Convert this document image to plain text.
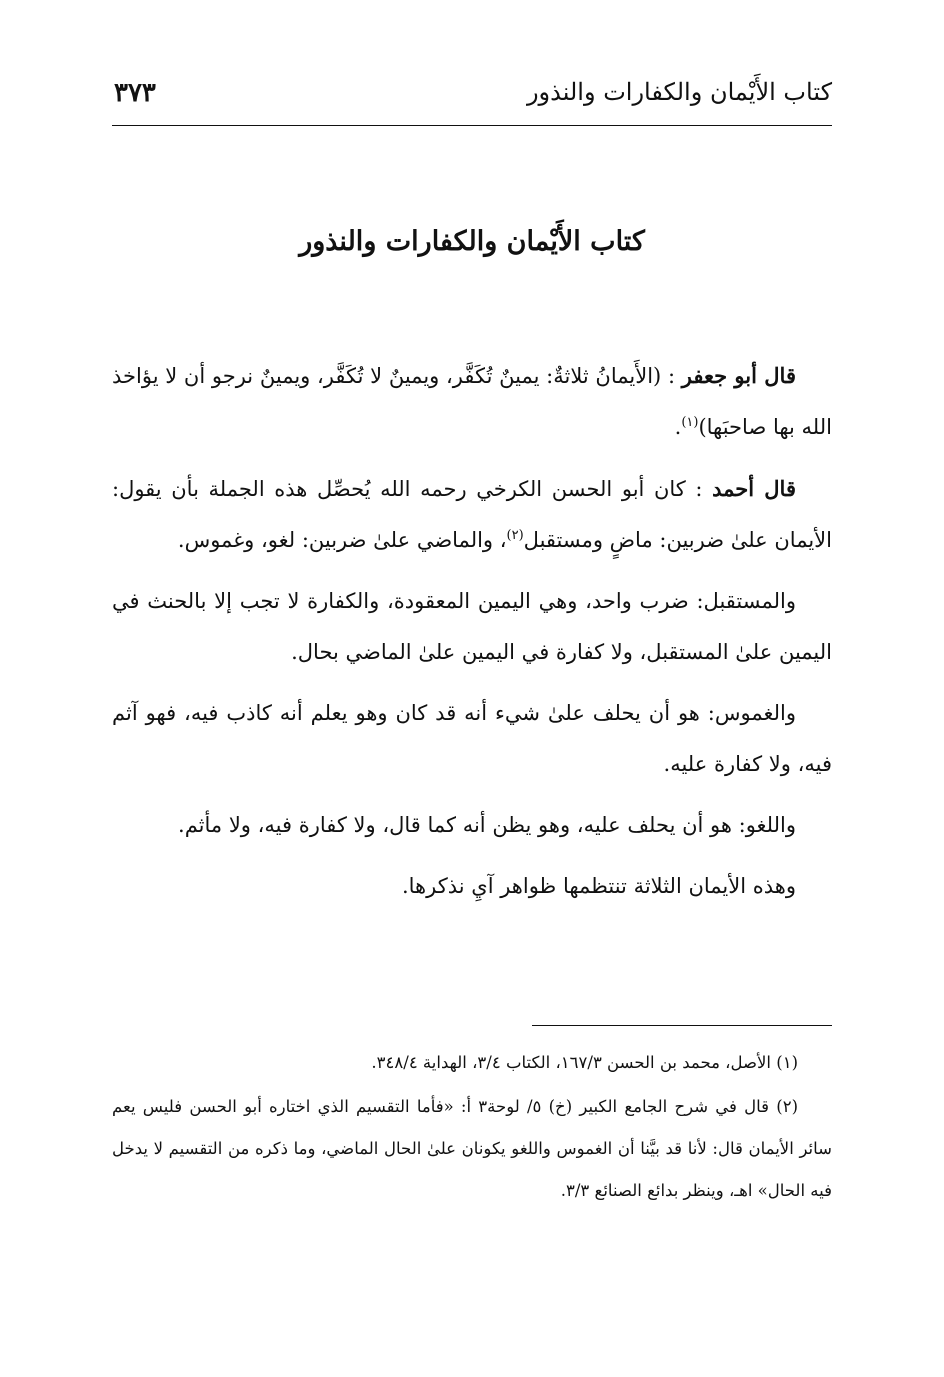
كتاب الأَيْمان والكفارات والنذور
٣٧٣
كتاب الأَيْمان والكفارات والنذور

قال أبو جعفر : (الأَيمانُ ثلاثةٌ: يمينٌ تُكَفَّر، ويمينٌ لا تُكَفَّر، ويمينٌ نرجو أن لا يؤاخذ الله بها صاحبَها)$^{(١)}$.

قال أحمد : كان أبو الحسن الكرخي رحمه الله يُحصِّل هذه الجملة بأن يقول: الأيمان علىٰ ضربين: ماضٍ ومستقبل$^{(٢)}$، والماضي علىٰ ضربين: لغو، وغموس.

والمستقبل: ضرب واحد، وهي اليمين المعقودة، والكفارة لا تجب إلا بالحنث في اليمين علىٰ المستقبل، ولا كفارة في اليمين علىٰ الماضي بحال.

والغموس: هو أن يحلف علىٰ شيء أنه قد كان وهو يعلم أنه كاذب فيه، فهو آثم فيه، ولا كفارة عليه.

واللغو: هو أن يحلف عليه، وهو يظن أنه كما قال، ولا كفارة فيه، ولا مأثم.

وهذه الأيمان الثلاثة تنتظمها ظواهر آيِ نذكرها.

(١) الأصل، محمد بن الحسن ١٦٧/٣، الكتاب ٣/٤، الهداية ٣٤٨/٤.

(٢) قال في شرح الجامع الكبير (خ) ٥/ لوحة٣ أ: «فأما التقسيم الذي اختاره أبو الحسن فليس يعم سائر الأيمان قال: لأنا قد بيَّنا أن الغموس واللغو يكونان علىٰ الحال الماضي، وما ذكره من التقسيم لا يدخل فيه الحال» اهـ، وينظر بدائع الصنائع ٣/٣.
